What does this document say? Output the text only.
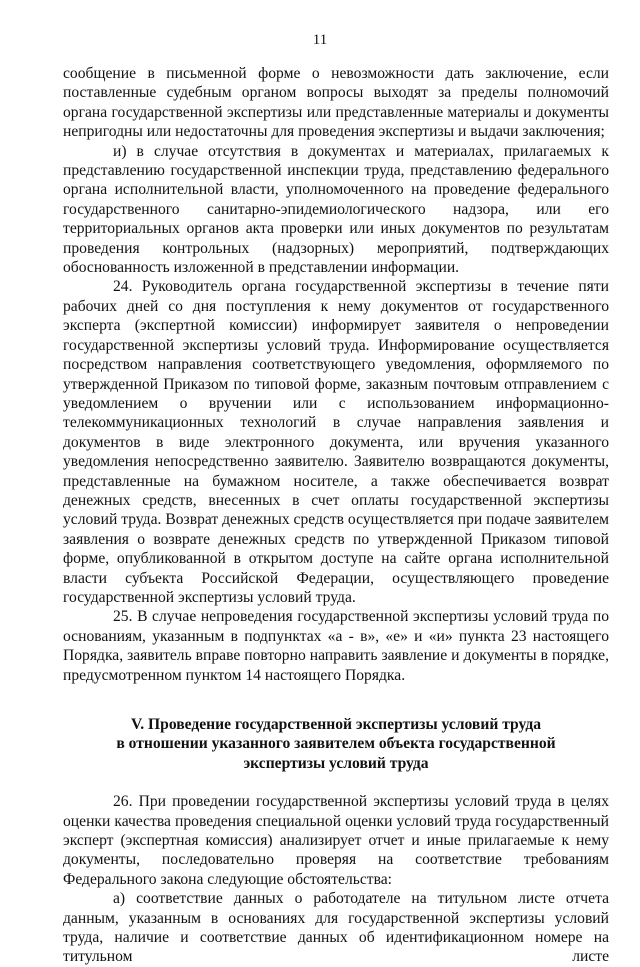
11

сообщение в письменной форме о невозможности дать заключение, если поставленные судебным органом вопросы выходят за пределы полномочий органа государственной экспертизы или представленные материалы и документы непригодны или недостаточны для проведения экспертизы и выдачи заключения;

и) в случае отсутствия в документах и материалах, прилагаемых к представлению государственной инспекции труда, представлению федерального органа исполнительной власти, уполномоченного на проведение федерального государственного санитарно-эпидемиологического надзора, или его территориальных органов акта проверки или иных документов по результатам проведения контрольных (надзорных) мероприятий, подтверждающих обоснованность изложенной в представлении информации.

24. Руководитель органа государственной экспертизы в течение пяти рабочих дней со дня поступления к нему документов от государственного эксперта (экспертной комиссии) информирует заявителя о непроведении государственной экспертизы условий труда. Информирование осуществляется посредством направления соответствующего уведомления, оформляемого по утвержденной Приказом по типовой форме, заказным почтовым отправлением с уведомлением о вручении или с использованием информационно-телекоммуникационных технологий в случае направления заявления и документов в виде электронного документа, или вручения указанного уведомления непосредственно заявителю. Заявителю возвращаются документы, представленные на бумажном носителе, а также обеспечивается возврат денежных средств, внесенных в счет оплаты государственной экспертизы условий труда. Возврат денежных средств осуществляется при подаче заявителем заявления о возврате денежных средств по утвержденной Приказом типовой форме, опубликованной в открытом доступе на сайте органа исполнительной власти субъекта Российской Федерации, осуществляющего проведение государственной экспертизы условий труда.

25. В случае непроведения государственной экспертизы условий труда по основаниям, указанным в подпунктах «а - в», «е» и «и» пункта 23 настоящего Порядка, заявитель вправе повторно направить заявление и документы в порядке, предусмотренном пунктом 14 настоящего Порядка.

V. Проведение государственной экспертизы условий труда

в отношении указанного заявителем объекта государственной

экспертизы условий труда

26. При проведении государственной экспертизы условий труда в целях оценки качества проведения специальной оценки условий труда государственный эксперт (экспертная комиссия) анализирует отчет и иные прилагаемые к нему документы, последовательно проверяя на соответствие требованиям Федерального закона следующие обстоятельства:

а) соответствие данных о работодателе на титульном листе отчета данным, указанным в основаниях для государственной экспертизы условий труда, наличие и соответствие данных об идентификационном номере на титульном листе
